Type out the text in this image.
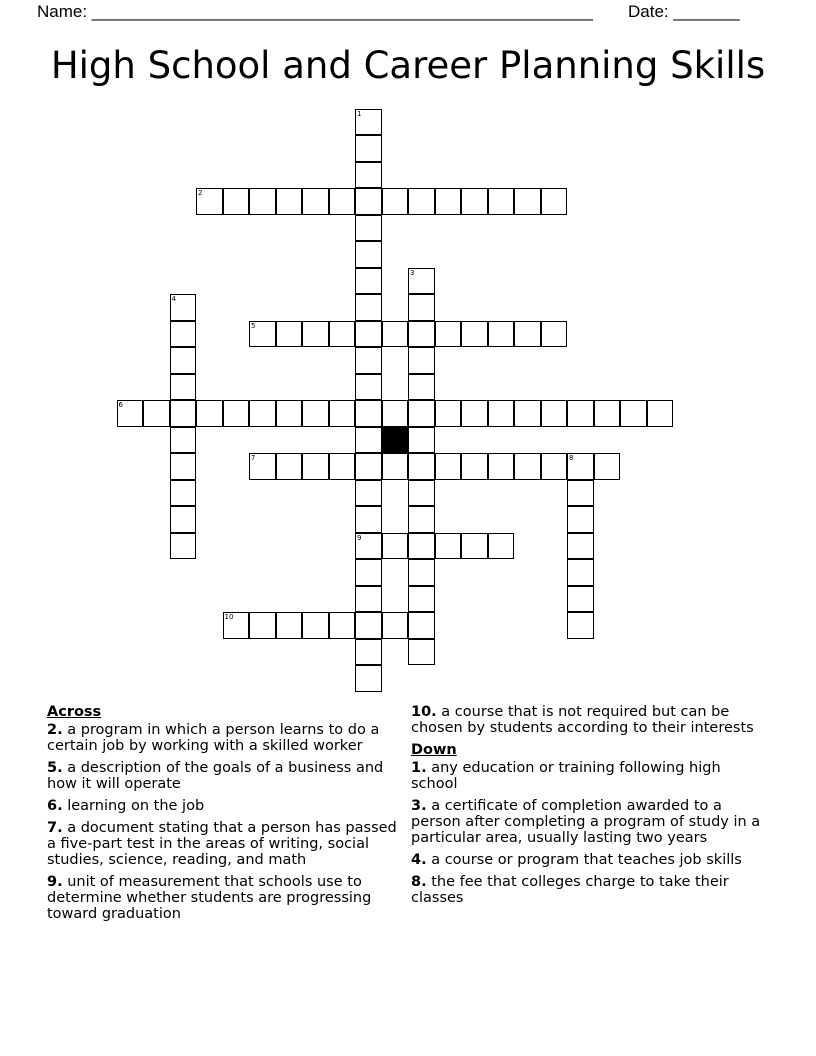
Name: _____________________________________________________ Date: _______
High School and Career Planning Skills
1
9
2
3
4
5
6
7	8
10
Across
2. a program in which a person learns to do a certain job by working with a skilled worker
5. a description of the goals of a business and how it will operate
6. learning on the job
7. a document stating that a person has passed a five-part test in the areas of writing, social studies, science, reading, and math
9. unit of measurement that schools use to determine whether students are progressing toward graduation
10. a course that is not required but can be chosen by students according to their interests
Down
1. any education or training following high school
3. a certificate of completion awarded to a person after completing a program of study in a particular area, usually lasting two years
4. a course or program that teaches job skills
8. the fee that colleges charge to take their classes
